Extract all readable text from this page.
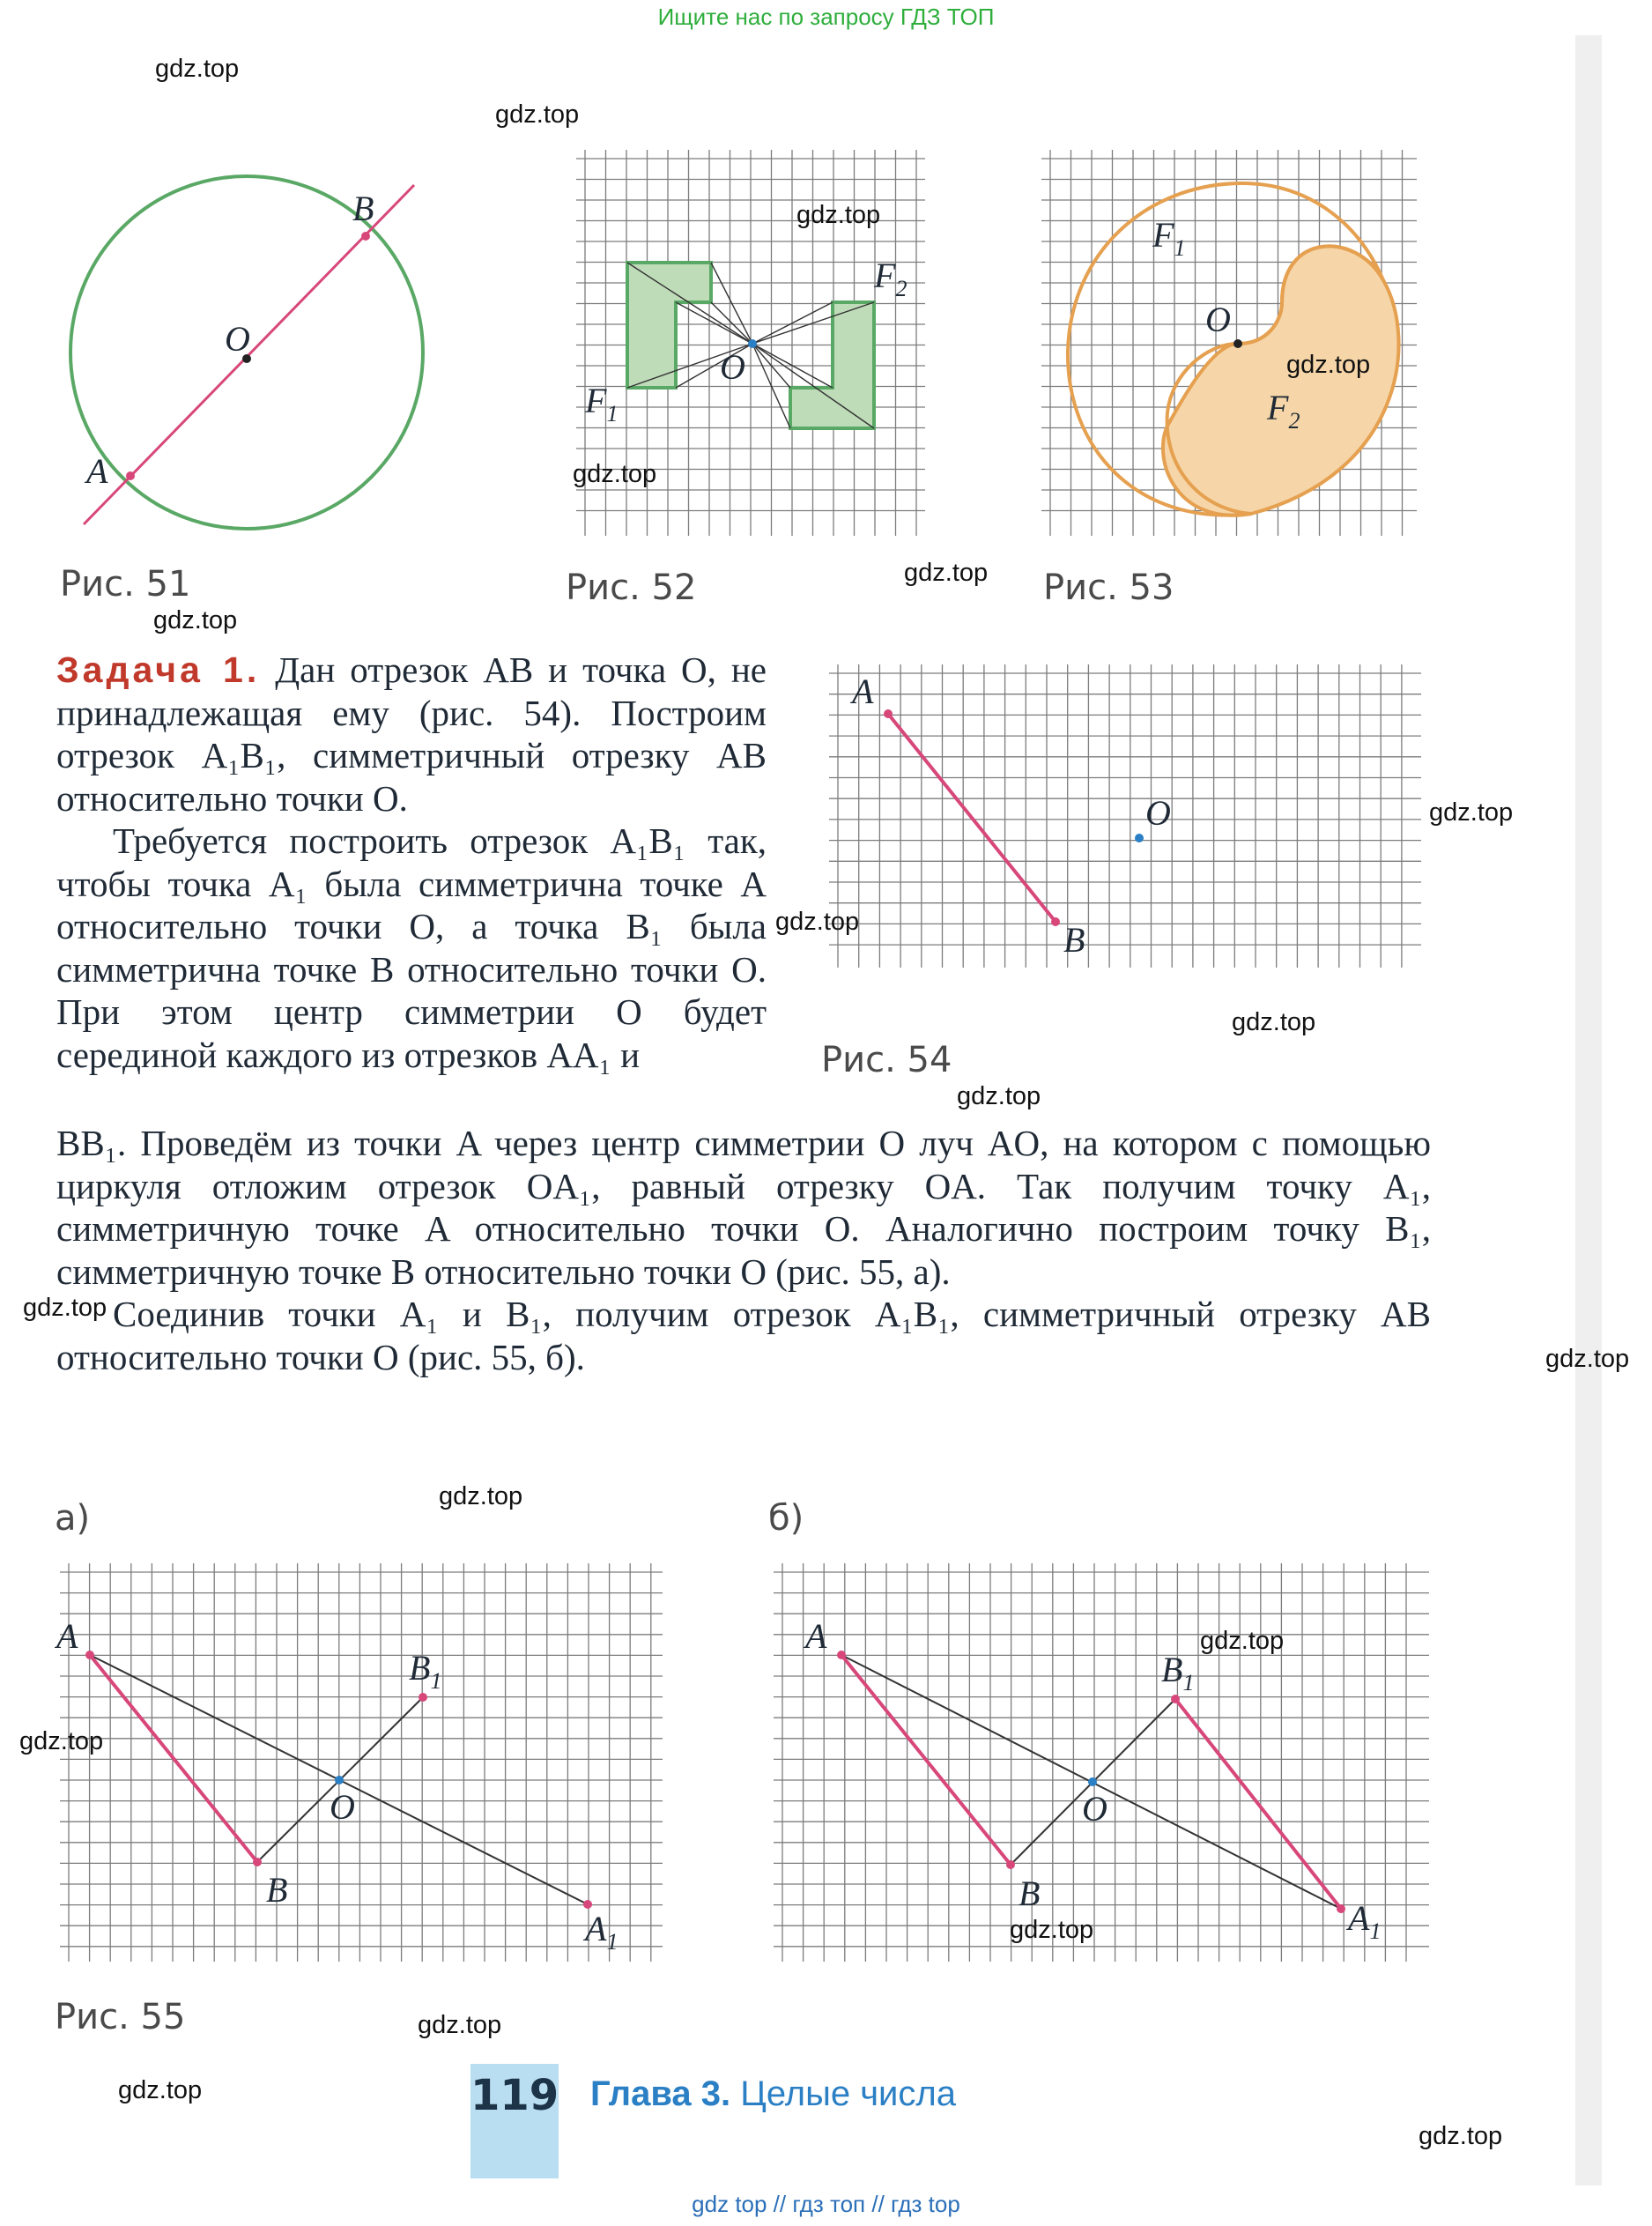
Ищите нас по запросу ГДЗ ТОП
A
B
O
Рис. 51
O
$F_1$
$F_2$
Рис. 52
O
$F_1$
$F_2$
Рис. 53
A
B
O
Рис. 54

Задача 1. Дан отрезок AB и точка O, не принадлежащая ему (рис. 54). Построим отрезок A₁B₁, симметричный отрезку AB относительно точки O.

Требуется построить отрезок A₁B₁ так, чтобы точка A₁ была симметрична точке A относительно точки O, а точка B₁ была симметрична точке B относительно точки O. При этом центр симметрии O будет серединой каждого из отрезков AA₁ и

BB₁. Проведём из точки A через центр симметрии O луч AO, на котором с помощью циркуля отложим отрезок OA₁, равный отрезку OA. Так получим точку A₁, симметричную точке A относительно точки O. Аналогично построим точку B₁, симметричную точке B относительно точки O (рис. 55, а).

Соединив точки A₁ и B₁, получим отрезок A₁B₁, симметричный отрезку AB относительно точки O (рис. 55, б).

а)	б)
A
B
O
$B_1$
$A_1$
A
B
O
$B_1$
$A_1$
Рис. 55
119 Глава 3. Целые числа
gdz top // гдз топ // гдз top
gdz.top
gdz.top
gdz.top
gdz.top
gdz.top
gdz.top
gdz.top
gdz.top
gdz.top
gdz.top
gdz.top
gdz.top
gdz.top
gdz.top
gdz.top
gdz.top
gdz.top
gdz.top
gdz.top
gdz.top
